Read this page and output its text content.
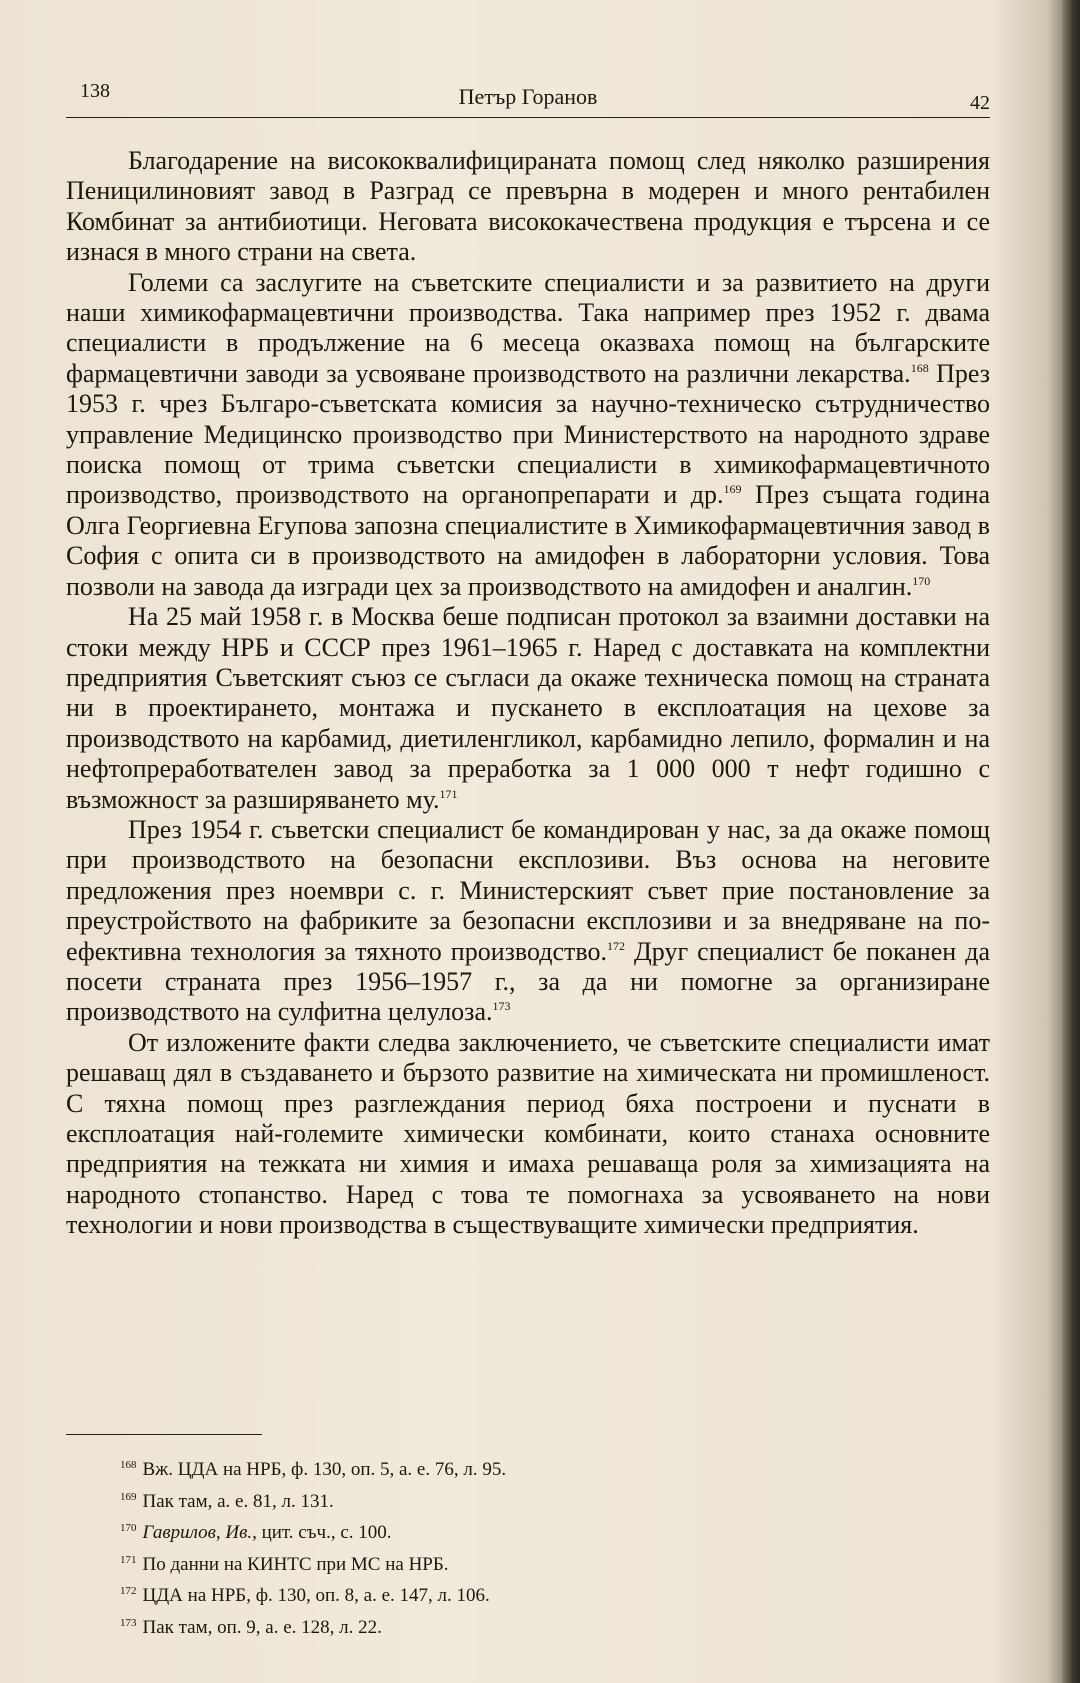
138	Петър Горанов	42

Благодарение на висококвалифицираната помощ след няколко разширения Пеницилиновият завод в Разград се превърна в модерен и много рентабилен Комбинат за антибиотици. Неговата висококачествена продукция е търсена и се изнася в много страни на света.

Големи са заслугите на съветските специалисти и за развитието на други наши химикофармацевтични производства. Така например през 1952 г. двама специалисти в продължение на 6 месеца оказваха помощ на българските фармацевтични заводи за усвояване производството на различни лекарства.$^{168}$ През 1953 г. чрез Българо-съветската комисия за научно-техническо сътрудничество управление Медицинско производство при Министерството на народното здраве поиска помощ от трима съветски специалисти в химикофармацевтичното производство, производството на органопрепарати и др.$^{169}$ През същата година Олга Георгиевна Егупова запозна специалистите в Химикофармацевтичния завод в София с опита си в производството на амидофен в лабораторни условия. Това позволи на завода да изгради цех за производството на амидофен и аналгин.$^{170}$

На 25 май 1958 г. в Москва беше подписан протокол за взаимни доставки на стоки между НРБ и СССР през 1961–1965 г. Наред с доставката на комплектни предприятия Съветският съюз се съгласи да окаже техническа помощ на страната ни в проектирането, монтажа и пускането в експлоатация на цехове за производството на карбамид, диетиленгликол, карбамидно лепило, формалин и на нефтопреработвателен завод за преработка за 1 000 000 т нефт годишно с възможност за разширяването му.$^{171}$

През 1954 г. съветски специалист бе командирован у нас, за да окаже помощ при производството на безопасни експлозиви. Въз основа на неговите предложения през ноември с. г. Министерският съвет прие постановление за преустройството на фабриките за безопасни експлозиви и за внедряване на по-ефективна технология за тяхното производство.$^{172}$ Друг специалист бе поканен да посети страната през 1956–1957 г., за да ни помогне за организиране производството на сулфитна целулоза.$^{173}$

От изложените факти следва заключението, че съветските специалисти имат решаващ дял в създаването и бързото развитие на химическата ни промишленост. С тяхна помощ през разглеждания период бяха построени и пуснати в експлоатация най-големите химически комбинати, които станаха основните предприятия на тежката ни химия и имаха решаваща роля за химизацията на народното стопанство. Наред с това те помогнаха за усвояването на нови технологии и нови производства в съществуващите химически предприятия.

$^{168}$ Вж. ЦДА на НРБ, ф. 130, оп. 5, а. е. 76, л. 95.
$^{169}$ Пак там, а. е. 81, л. 131.
$^{170}$ Гаврилов, Ив., цит. съч., с. 100.
$^{171}$ По данни на КИНТС при МС на НРБ.
$^{172}$ ЦДА на НРБ, ф. 130, оп. 8, а. е. 147, л. 106.
$^{173}$ Пак там, оп. 9, а. е. 128, л. 22.
